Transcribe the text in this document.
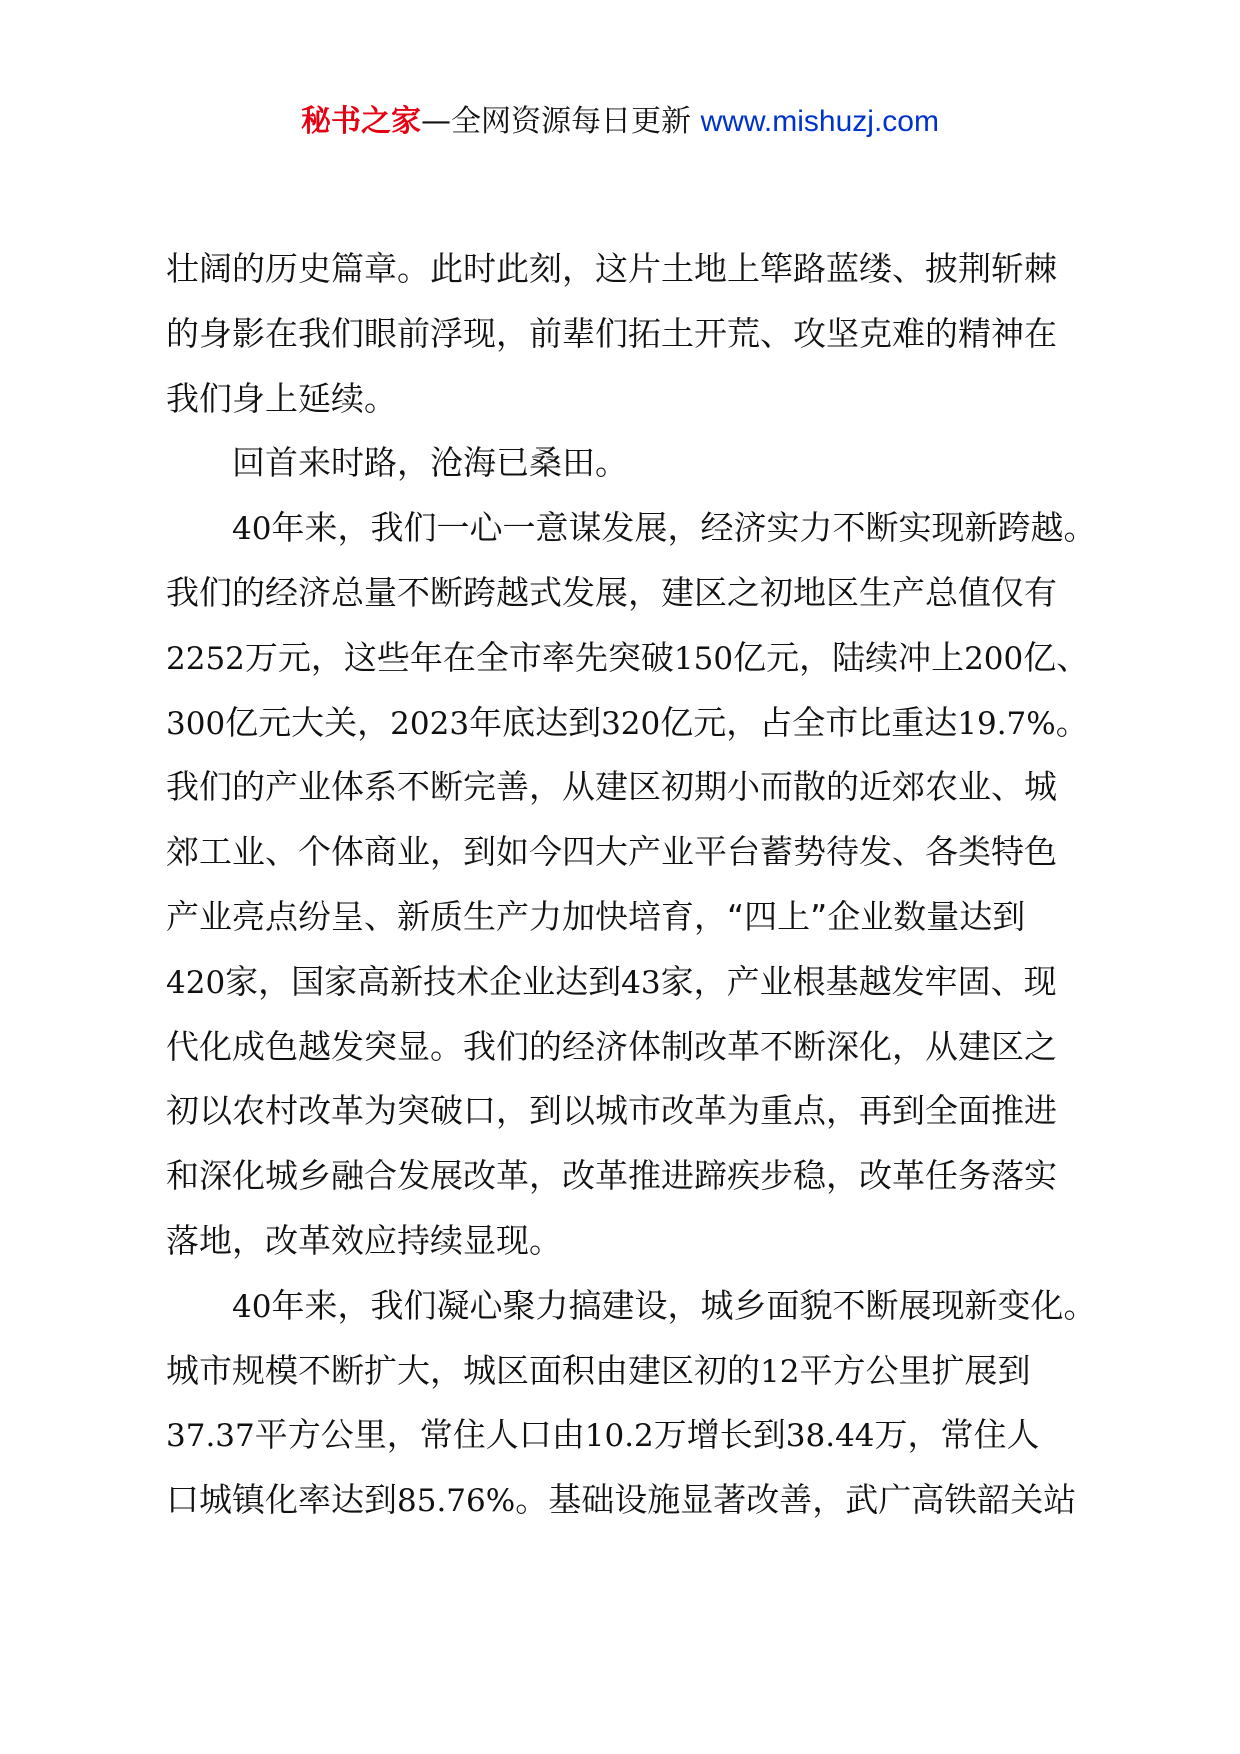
秘书之家—全网资源每日更新 www.mishuzj.com
壮阔的历史篇章。此时此刻，这片土地上筚路蓝缕、披荆斩棘
的身影在我们眼前浮现，前辈们拓土开荒、攻坚克难的精神在
我们身上延续。
回首来时路，沧海已桑田。
40年来，我们一心一意谋发展，经济实力不断实现新跨越。
我们的经济总量不断跨越式发展，建区之初地区生产总值仅有
2252万元，这些年在全市率先突破150亿元，陆续冲上200亿、
300亿元大关，2023年底达到320亿元，占全市比重达19.7%。
我们的产业体系不断完善，从建区初期小而散的近郊农业、城
郊工业、个体商业，到如今四大产业平台蓄势待发、各类特色
产业亮点纷呈、新质生产力加快培育，“四上”企业数量达到
420家，国家高新技术企业达到43家，产业根基越发牢固、现
代化成色越发突显。我们的经济体制改革不断深化，从建区之
初以农村改革为突破口，到以城市改革为重点，再到全面推进
和深化城乡融合发展改革，改革推进蹄疾步稳，改革任务落实
落地，改革效应持续显现。
40年来，我们凝心聚力搞建设，城乡面貌不断展现新变化。
城市规模不断扩大，城区面积由建区初的12平方公里扩展到
37.37平方公里，常住人口由10.2万增长到38.44万，常住人
口城镇化率达到85.76%。基础设施显著改善，武广高铁韶关站
